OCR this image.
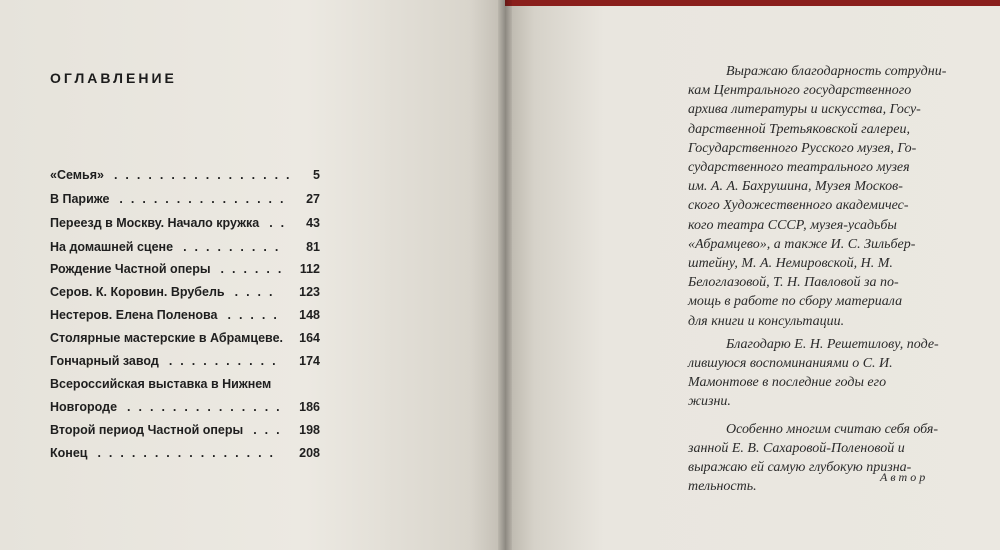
ОГЛАВЛЕНИЕ
«Семья»	5
................
В Париже	27
...............
Переезд в Москву. Начало кружка	43
..
На домашней сцене	81
.........
Рождение Частной оперы	112
......
Серов. К. Коровин. Врубель	123
....
Нестеров. Елена Поленова	148
.....
Столярные мастерские в Абрамцеве. 164
Гончарный завод	174
..........
Всероссийская выставка в Нижнем
Новгороде	186
..............
Второй период Частной оперы	198
...
Конец	208
................
Выражаю благодарность сотрудни-
кам Центрального государственного
архива литературы и искусства, Госу-
дарственной Третьяковской галереи,
Государственного Русского музея, Го-
сударственного театрального музея
им. А. А. Бахрушина, Музея Москов-
ского Художественного академичес-
кого театра СССР, музея-усадьбы
«Абрамцево», а также И. С. Зильбер-
штейну, М. А. Немировской, Н. М.
Белоглазовой, Т. Н. Павловой за по-
мощь в работе по сбору материала
для книги и консультации.
Благодарю Е. Н. Решетилову, поде-
лившуюся воспоминаниями о С. И.
Мамонтове в последние годы его
жизни.
Особенно многим считаю себя обя-
занной Е. В. Сахаровой-Поленовой и
выражаю ей самую глубокую призна-
тельность.
Автор
